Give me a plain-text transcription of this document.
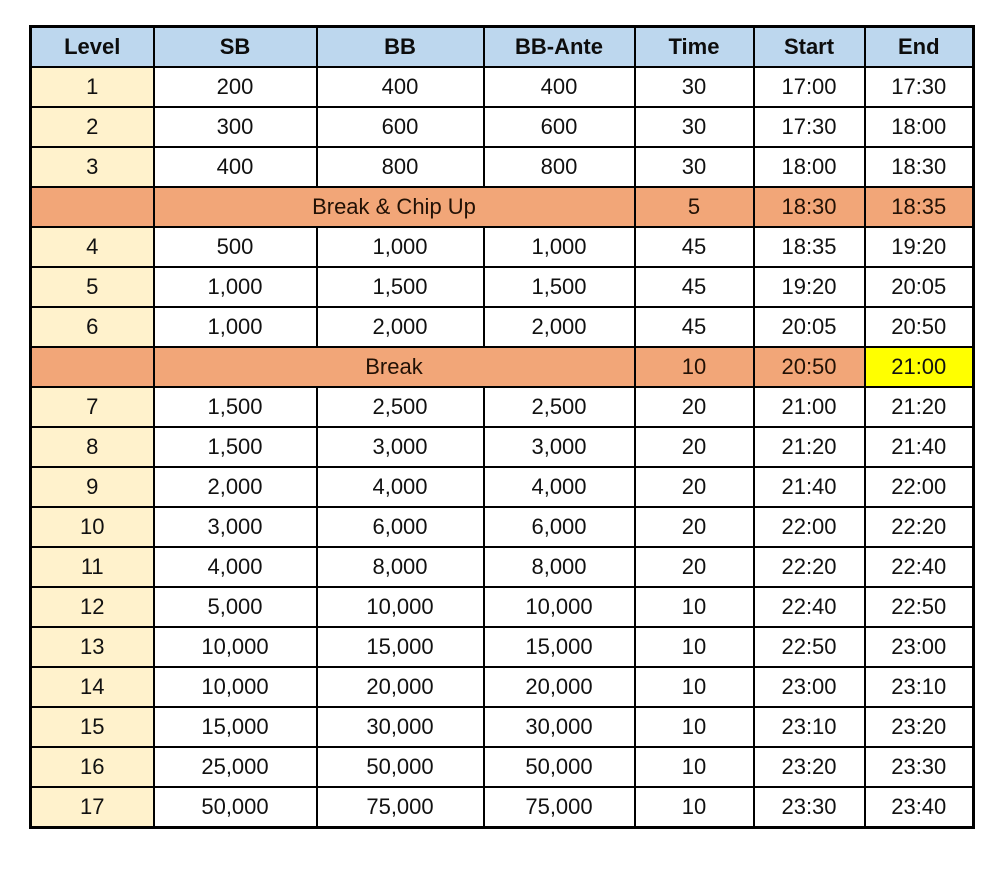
Level	SB	BB	BB-Ante	Time	Start	End
1	200	400	400	30	17:00	17:30
2	300	600	600	30	17:30	18:00
3	400	800	800	30	18:00	18:30
	Break & Chip Up			5	18:30	18:35
4	500	1,000	1,000	45	18:35	19:20
5	1,000	1,500	1,500	45	19:20	20:05
6	1,000	2,000	2,000	45	20:05	20:50
	Break			10	20:50	21:00
7	1,500	2,500	2,500	20	21:00	21:20
8	1,500	3,000	3,000	20	21:20	21:40
9	2,000	4,000	4,000	20	21:40	22:00
10	3,000	6,000	6,000	20	22:00	22:20
11	4,000	8,000	8,000	20	22:20	22:40
12	5,000	10,000	10,000	10	22:40	22:50
13	10,000	15,000	15,000	10	22:50	23:00
14	10,000	20,000	20,000	10	23:00	23:10
15	15,000	30,000	30,000	10	23:10	23:20
16	25,000	50,000	50,000	10	23:20	23:30
17	50,000	75,000	75,000	10	23:30	23:40
